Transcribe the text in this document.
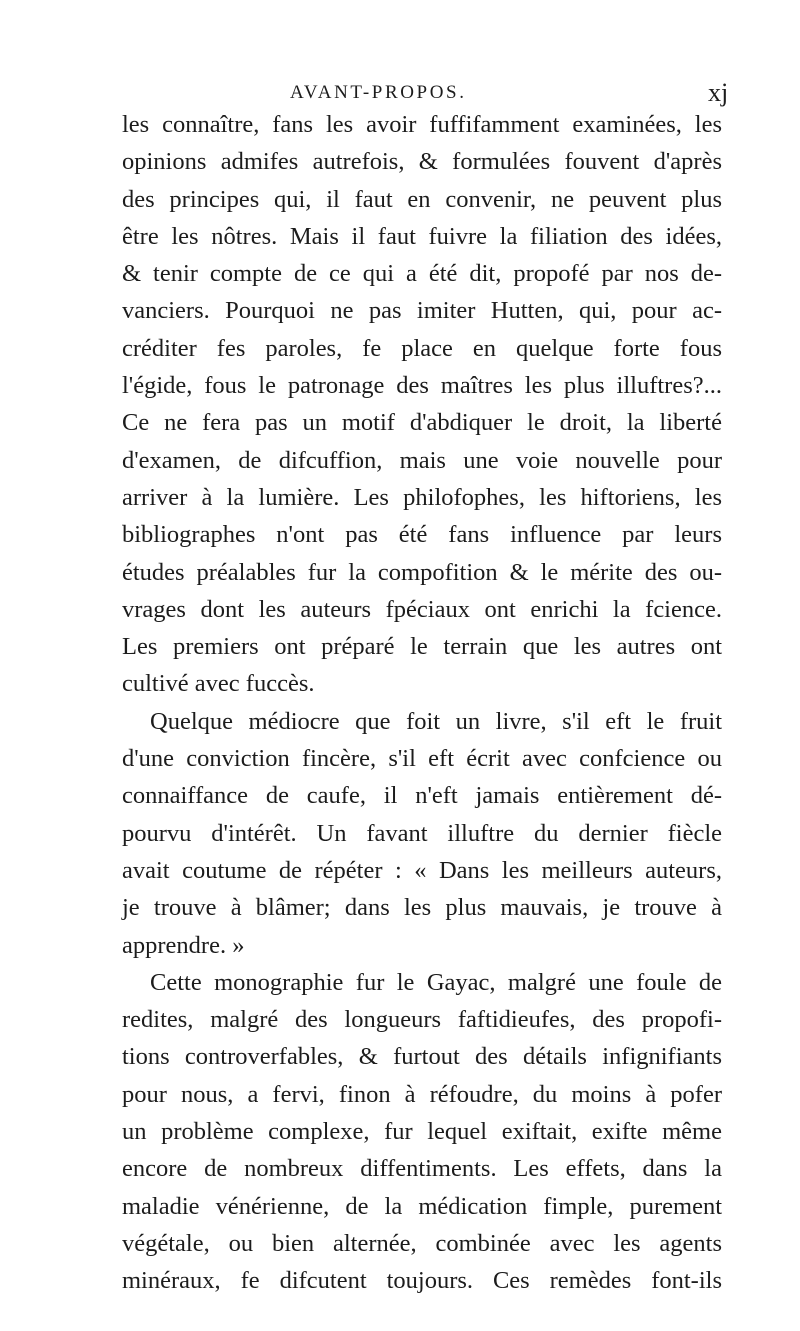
AVANT-PROPOS.	xj
les connaître, fans les avoir fuffifamment examinées, les
opinions admifes autrefois, & formulées fouvent d'après
des principes qui, il faut en convenir, ne peuvent plus
être les nôtres. Mais il faut fuivre la filiation des idées,
& tenir compte de ce qui a été dit, propofé par nos de-
vanciers. Pourquoi ne pas imiter Hutten, qui, pour ac-
créditer fes paroles, fe place en quelque forte fous
l'égide, fous le patronage des maîtres les plus illuftres?...
Ce ne fera pas un motif d'abdiquer le droit, la liberté
d'examen, de difcuffion, mais une voie nouvelle pour
arriver à la lumière. Les philofophes, les hiftoriens, les
bibliographes n'ont pas été fans influence par leurs
études préalables fur la compofition & le mérite des ou-
vrages dont les auteurs fpéciaux ont enrichi la fcience.
Les premiers ont préparé le terrain que les autres ont
cultivé avec fuccès.
Quelque médiocre que foit un livre, s'il eft le fruit
d'une conviction fincère, s'il eft écrit avec confcience ou
connaiffance de caufe, il n'eft jamais entièrement dé-
pourvu d'intérêt. Un favant illuftre du dernier fiècle
avait coutume de répéter : « Dans les meilleurs auteurs,
je trouve à blâmer; dans les plus mauvais, je trouve à
apprendre. »
Cette monographie fur le Gayac, malgré une foule de
redites, malgré des longueurs faftidieufes, des propofi-
tions controverfables, & furtout des détails infignifiants
pour nous, a fervi, finon à réfoudre, du moins à pofer
un problème complexe, fur lequel exiftait, exifte même
encore de nombreux diffentiments. Les effets, dans la
maladie vénérienne, de la médication fimple, purement
végétale, ou bien alternée, combinée avec les agents
minéraux, fe difcutent toujours. Ces remèdes font-ils
